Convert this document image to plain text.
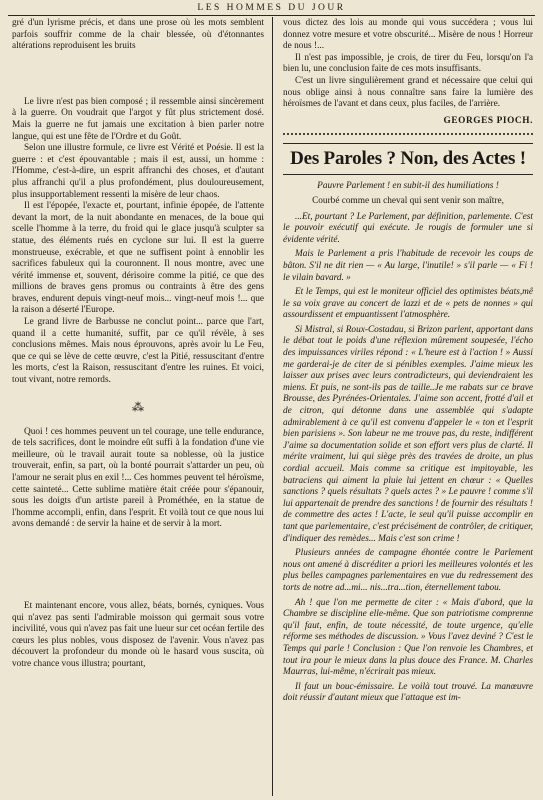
LES HOMMES DU JOUR

gré d'un lyrisme précis, et dans une prose où les mots semblent parfois souffrir comme de la chair blessée, où d'étonnantes altérations reproduisent les bruits

Le livre n'est pas bien composé ; il ressemble ainsi sincèrement à la guerre. On voudrait que l'argot y fût plus strictement dosé. Mais la guerre ne fut jamais une excitation à bien parler notre langue, qui est une fête de l'Ordre et du Goût.

Selon une illustre formule, ce livre est Vérité et Poésie. Il est la guerre : et c'est épouvantable ; mais il est, aussi, un homme : l'Homme, c'est-à-dire, un esprit affranchi des choses, et d'autant plus affranchi qu'il a plus profondément, plus douloureusement, plus insupportablement ressenti la misère de leur chaos.

Il est l'épopée, l'exacte et, pourtant, infinie épopée, de l'attente devant la mort, de la nuit abondante en menaces, de la boue qui scelle l'homme à la terre, du froid qui le glace jusqu'à sculpter sa statue, des éléments rués en cyclone sur lui. Il est la guerre monstrueuse, exécrable, et que ne suffisent point à ennoblir les sacrifices fabuleux qui la couronnent. Il nous montre, avec une vérité immense et, souvent, dérisoire comme la pitié, ce que des millions de braves gens promus ou contraints à être des gens braves, endurent depuis vingt-neuf mois... vingt-neuf mois !... que la raison a déserté l'Europe.

Le grand livre de Barbusse ne conclut point... parce que l'art, quand il a cette humanité, suffit, par ce qu'il révèle, à ses conclusions mêmes. Mais nous éprouvons, après avoir lu Le Feu, que ce qui se lève de cette œuvre, c'est la Pitié, ressuscitant d'entre les morts, c'est la Raison, ressuscitant d'entre les ruines. Et voici, tout vivant, notre remords.

⁂

Quoi ! ces hommes peuvent un tel courage, une telle endurance, de tels sacrifices, dont le moindre eût suffi à la fondation d'une vie meilleure, où le travail aurait toute sa noblesse, où la justice trouverait, enfin, sa part, où la bonté pourrait s'attarder un peu, où l'amour ne serait plus en exil !... Ces hommes peuvent tel héroïsme, cette sainteté... Cette sublime matière était créée pour s'épanouir, sous les doigts d'un artiste pareil à Prométhée, en la statue de l'homme accompli, enfin, dans l'esprit. Et voilà tout ce que nous lui avons demandé : de servir la haine et de servir à la mort.

Et maintenant encore, vous allez, béats, bornés, cyniques. Vous qui n'avez pas senti l'admirable moisson qui germait sous votre incivilité, vous qui n'avez pas fait une lueur sur cet océan fertile des cœurs les plus nobles, vous disposez de l'avenir. Vous n'avez pas découvert la profondeur du monde où le hasard vous suscita, où votre chance vous illustra; pourtant,

vous dictez des lois au monde qui vous succédera ; vous lui donnez votre mesure et votre obscurité... Misère de nous ! Horreur de nous !...

Il n'est pas impossible, je crois, de tirer du Feu, lorsqu'on l'a bien lu, une conclusion faite de ces mots insuffisants.

C'est un livre singulièrement grand et nécessaire que celui qui nous oblige ainsi à nous connaître sans faire la lumière des héroïsmes de l'avant et dans ceux, plus faciles, de l'arrière.

GEORGES PIOCH.
Des Paroles ? Non, des Actes !
Pauvre Parlement ! en subit-il des humiliations !

Courbé comme un cheval qui sent venir son maître,

...Et, pourtant ? Le Parlement, par définition, parlemente. C'est le pouvoir exécutif qui exécute. Je rougis de formuler une si évidente vérité.

Mais le Parlement a pris l'habitude de recevoir les coups de bâton. S'il ne dit rien — « Au large, l'inutile! » s'il parle — « Fi ! le vilain bavard. »

Et le Temps, qui est le moniteur officiel des optimistes béats,mê le sa voix grave au concert de lazzi et de « pets de nonnes » qui assourdissent et empuantissent l'atmosphère.

Si Mistral, si Roux-Costadau, si Brizon parlent, apportant dans le débat tout le poids d'une réflexion mûrement soupesée, l'écho des impuissances viriles répond : « L'heure est à l'action ! » Aussi me garderai-je de citer de si pénibles exemples. J'aime mieux les laisser aux prises avec leurs contradicteurs, qui deviendraient les miens. Et puis, ne sont-ils pas de taille..Je me rabats sur ce brave Brousse, des Pyrénées-Orientales. J'aime son accent, frotté d'ail et de citron, qui détonne dans une assemblée qui s'adapte admirablement à ce qu'il est convenu d'appeler le « ton et l'esprit bien parisiens ». Son labeur ne me trouve pas, du reste, indifférent J'aime sa documentation solide et son effort vers plus de clarté. Il mérite vraiment, lui qui siège près des travées de droite, un plus cordial accueil. Mais comme sa critique est impitoyable, les batraciens qui aiment la pluie lui jettent en chœur : « Quelles sanctions ? quels résultats ? quels actes ? » Le pauvre ! comme s'il lui appartenait de prendre des sanctions ! de fournir des résultats ! de commettre des actes ! L'acte, le seul qu'il puisse accomplir en tant que parlementaire, c'est précisément de contrôler, de critiquer, d'indiquer des remèdes... Mais c'est son crime !

Plusieurs années de campagne éhontée contre le Parlement nous ont amené à discréditer a priori les meilleures volontés et les plus belles campagnes parlementaires en vue du redressement des torts de notre ad...mi... nis...tra...tion, éternellement tabou.

Ah ! que l'on me permette de citer : « Mais d'abord, que la Chambre se discipline elle-même. Que son patriotisme comprenne qu'il faut, enfin, de toute nécessité, de toute urgence, qu'elle réforme ses méthodes de discussion. » Vous l'avez deviné ? C'est le Temps qui parle ! Conclusion : Que l'on renvoie les Chambres, et tout ira pour le mieux dans la plus douce des France. M. Charles Maurras, lui-même, n'écrirait pas mieux.

Il faut un bouc-émissaire. Le voilà tout trouvé. La manœuvre doit réussir d'autant mieux que l'attaque est im-
